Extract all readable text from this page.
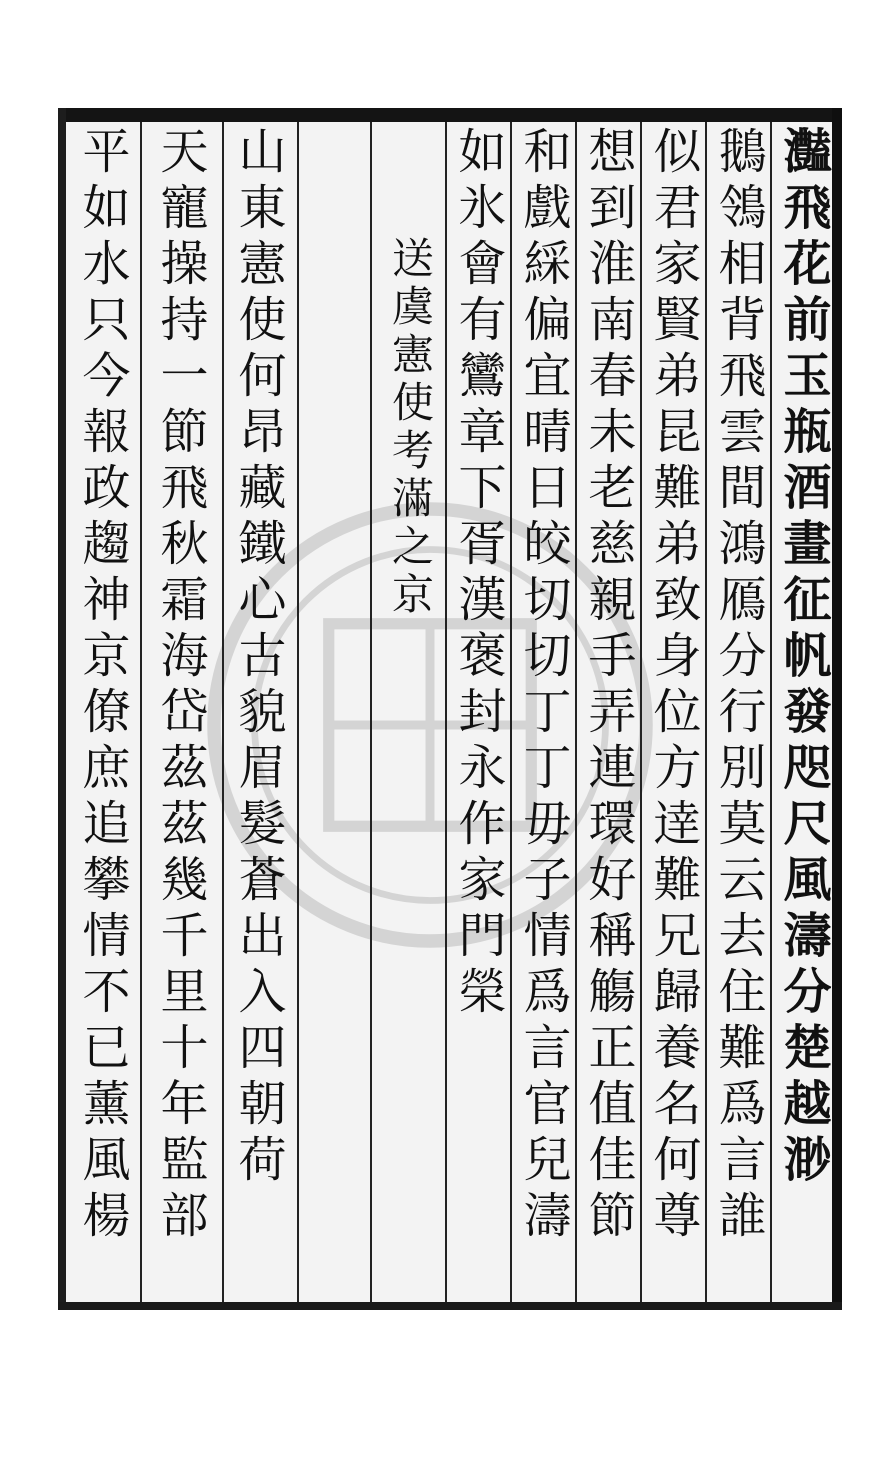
灎飛花前玉瓶酒畫征帆發咫尺風濤分楚越渺
鵝鴒相背飛雲間鴻鴈分行別莫云去住難爲言誰
似君家賢弟昆難弟致身位方逹難兄歸養名何尊
想到淮南春未老慈親手弄連環好稱觴正值佳節
和戲綵偏宜晴日皎切切丁丁毋子情爲言官兒濤
如氷會有鸞章下胥漢褒封永作家門榮
送虞憲使考滿之京
山東憲使何昂藏鐵心古貌眉髮蒼出入四朝荷
天寵操持一節飛秋霜海岱茲茲幾千里十年監部
平如水只今報政趨神京僚庶追攀情不已薰風楊
